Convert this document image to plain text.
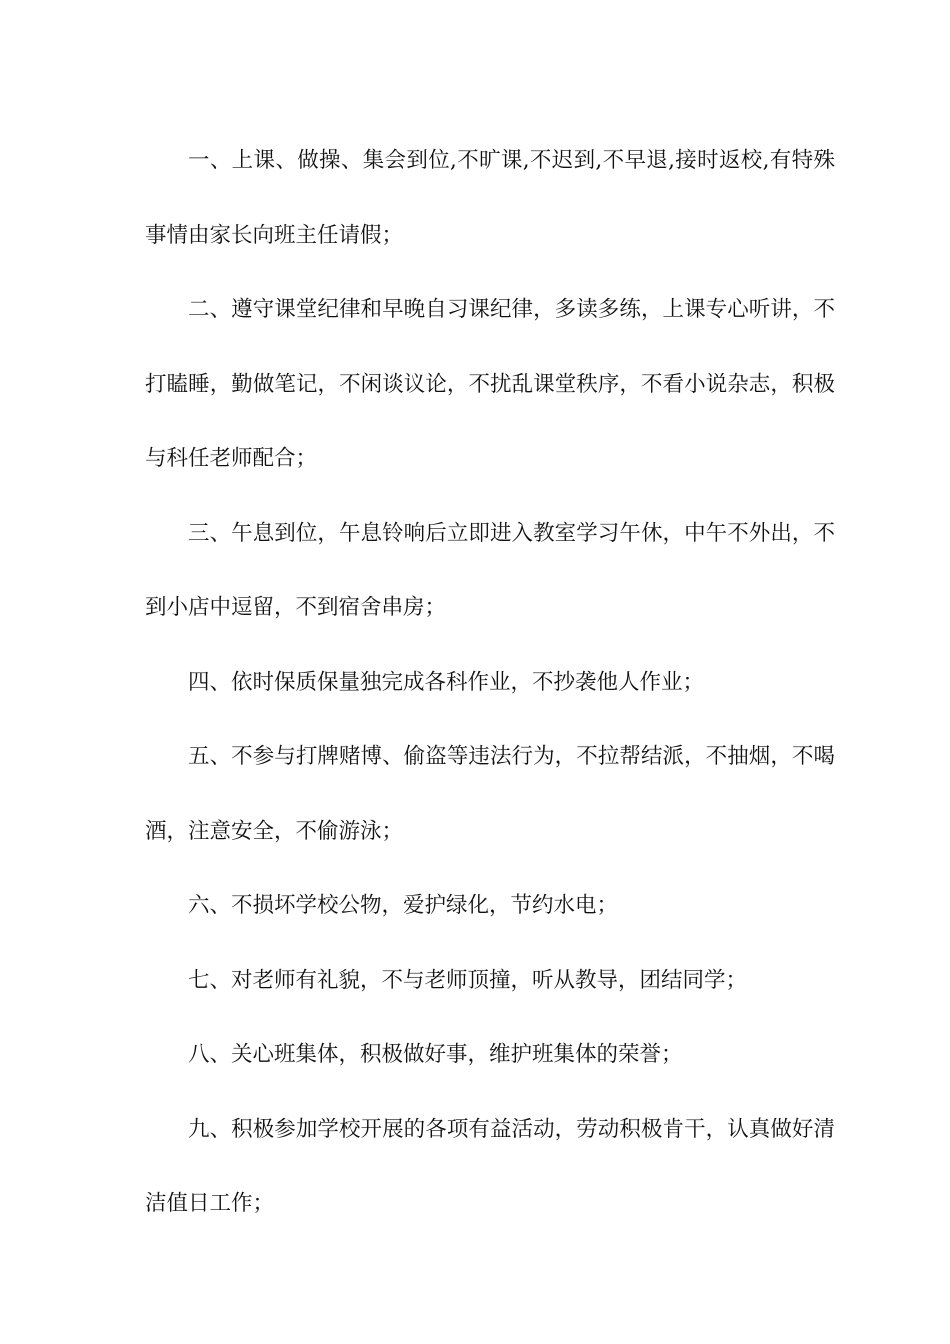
一、上课、做操、集会到位,不旷课,不迟到,不早退,接时返校,有特殊事情由家长向班主任请假；

二、遵守课堂纪律和早晚自习课纪律，多读多练，上课专心听讲，不打瞌睡，勤做笔记，不闲谈议论，不扰乱课堂秩序，不看小说杂志，积极与科任老师配合；

三、午息到位，午息铃响后立即进入教室学习午休，中午不外出，不到小店中逗留，不到宿舍串房；

四、依时保质保量独完成各科作业，不抄袭他人作业；

五、不参与打牌赌博、偷盗等违法行为，不拉帮结派，不抽烟，不喝酒，注意安全，不偷游泳；

六、不损坏学校公物，爱护绿化，节约水电；

七、对老师有礼貌，不与老师顶撞，听从教导，团结同学；

八、关心班集体，积极做好事，维护班集体的荣誉；

九、积极参加学校开展的各项有益活动，劳动积极肯干，认真做好清洁值日工作；
